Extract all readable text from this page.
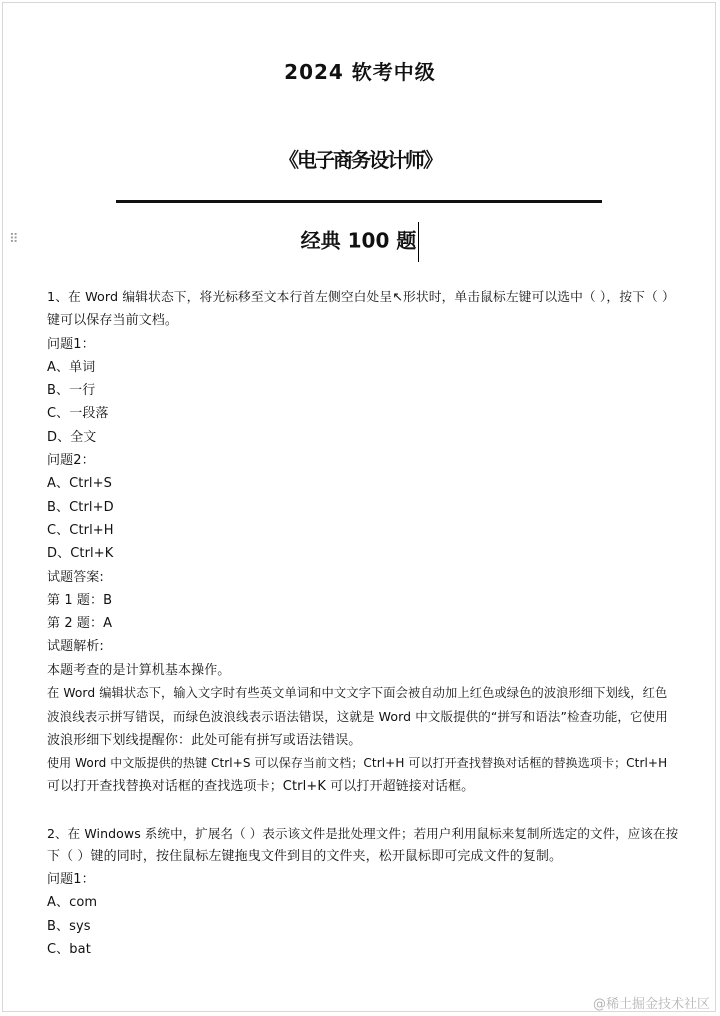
⠿
2024 软考中级
《电子商务设计师》
经典 100 题
1、在 Word 编辑状态下，将光标移至文本行首左侧空白处呈↖形状时，单击鼠标左键可以选中（ ），按下（ ）
键可以保存当前文档。
问题1：
A、单词
B、一行
C、一段落
D、全文
问题2：
A、Ctrl+S
B、Ctrl+D
C、Ctrl+H
D、Ctrl+K
试题答案:
第 1 题：B
第 2 题：A
试题解析:
本题考查的是计算机基本操作。
在 Word 编辑状态下，输入文字时有些英文单词和中文文字下面会被自动加上红色或绿色的波浪形细下划线，红色
波浪线表示拼写错误，而绿色波浪线表示语法错误，这就是 Word 中文版提供的“拼写和语法”检查功能，它使用
波浪形细下划线提醒你：此处可能有拼写或语法错误。
使用 Word 中文版提供的热键 Ctrl+S 可以保存当前文档；Ctrl+H 可以打开查找替换对话框的替换选项卡；Ctrl+H
可以打开查找替换对话框的查找选项卡；Ctrl+K 可以打开超链接对话框。
2、在 Windows 系统中，扩展名（ ）表示该文件是批处理文件；若用户利用鼠标来复制所选定的文件，应该在按
下（ ）键的同时，按住鼠标左键拖曳文件到目的文件夹，松开鼠标即可完成文件的复制。
问题1：
A、com
B、sys
C、bat
@稀土掘金技术社区
